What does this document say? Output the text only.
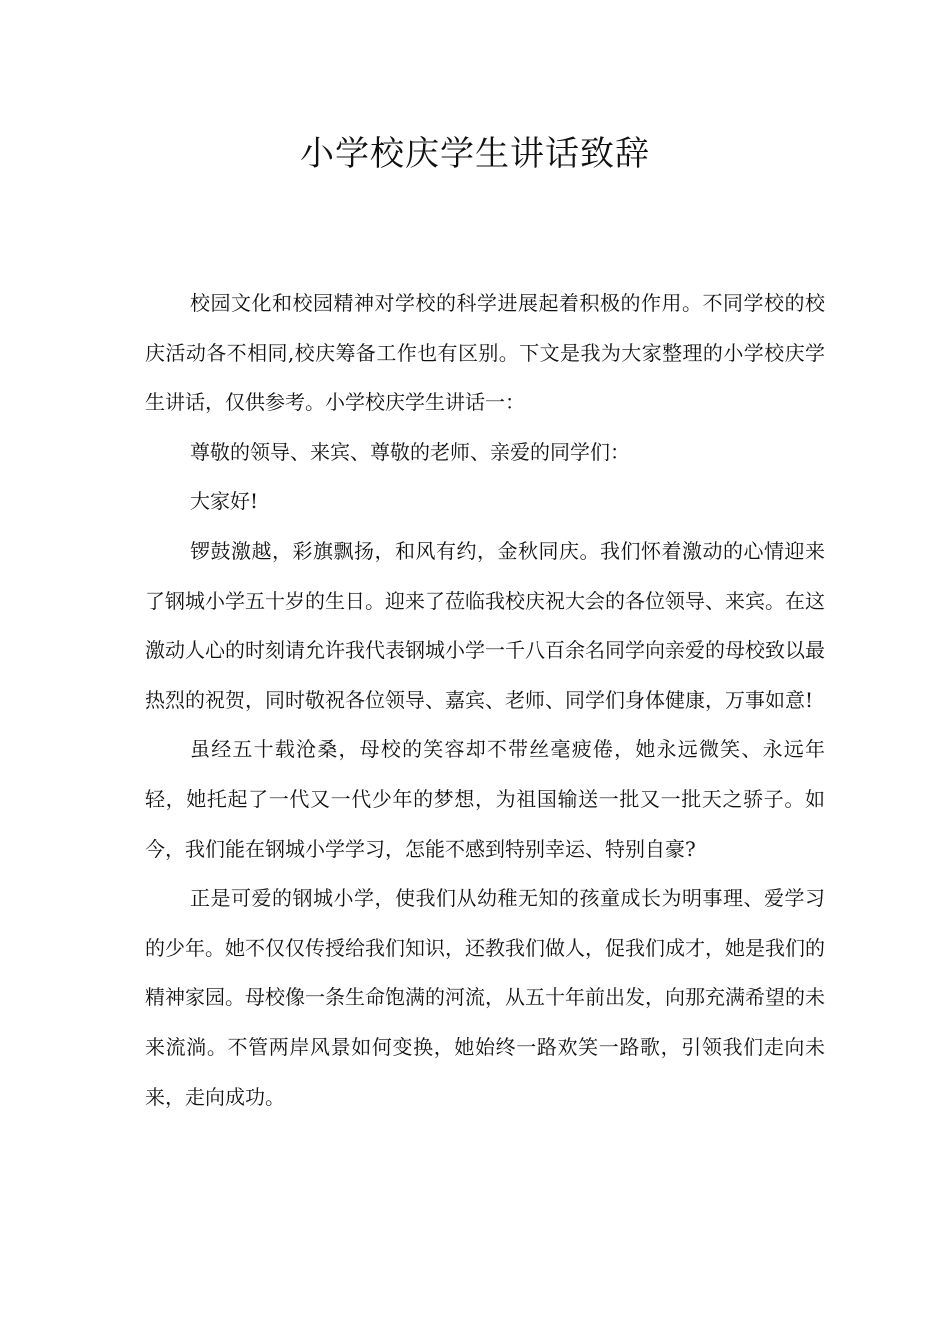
小学校庆学生讲话致辞

校园文化和校园精神对学校的科学进展起着积极的作用。不同学校的校庆活动各不相同,校庆筹备工作也有区别。下文是我为大家整理的小学校庆学生讲话，仅供参考。小学校庆学生讲话一：

尊敬的领导、来宾、尊敬的老师、亲爱的同学们：

大家好!

锣鼓激越，彩旗飘扬，和风有约，金秋同庆。我们怀着激动的心情迎来了钢城小学五十岁的生日。迎来了莅临我校庆祝大会的各位领导、来宾。在这激动人心的时刻请允许我代表钢城小学一千八百余名同学向亲爱的母校致以最热烈的祝贺，同时敬祝各位领导、嘉宾、老师、同学们身体健康，万事如意!

虽经五十载沧桑，母校的笑容却不带丝毫疲倦，她永远微笑、永远年轻，她托起了一代又一代少年的梦想，为祖国输送一批又一批天之骄子。如今，我们能在钢城小学学习，怎能不感到特别幸运、特别自豪?

正是可爱的钢城小学，使我们从幼稚无知的孩童成长为明事理、爱学习的少年。她不仅仅传授给我们知识，还教我们做人，促我们成才，她是我们的精神家园。母校像一条生命饱满的河流，从五十年前出发，向那充满希望的未来流淌。不管两岸风景如何变换，她始终一路欢笑一路歌，引领我们走向未来，走向成功。
